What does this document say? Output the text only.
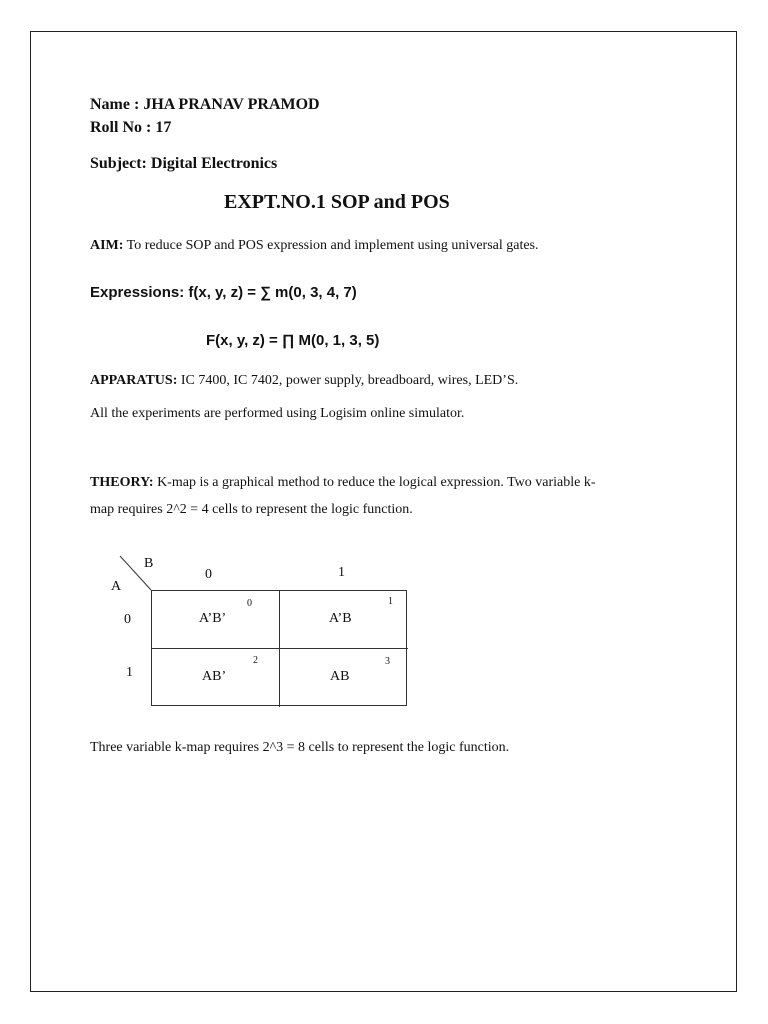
Name : JHA PRANAV PRAMOD
Roll No : 17
Subject: Digital Electronics
EXPT.NO.1 SOP and POS
AIM: To reduce SOP and POS expression and implement using universal gates.
Expressions: f(x, y, z) = ∑ m(0, 3, 4, 7)
F(x, y, z) = ∏ M(0, 1, 3, 5)
APPARATUS: IC 7400, IC 7402, power supply, breadboard, wires, LED’S.
All the experiments are performed using Logisim online simulator.
THEORY: K-map is a graphical method to reduce the logical expression. Two variable k-
map requires 2^2 = 4 cells to represent the logic function.
B
A
0	1
0
1
A’B’
0
A’B
1
AB’
2
AB
3
Three variable k-map requires 2^3 = 8 cells to represent the logic function.
